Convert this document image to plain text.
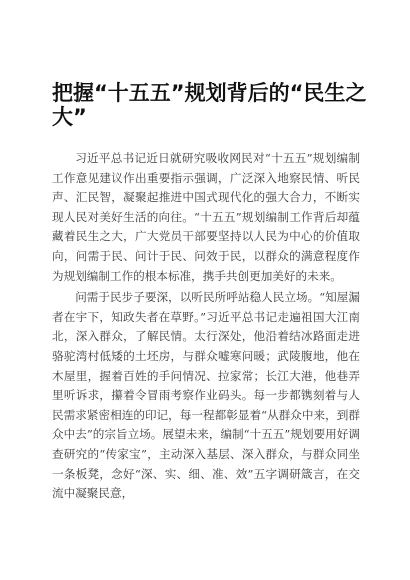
把握“十五五”规划背后的“民生之大”

习近平总书记近日就研究吸收网民对“十五五”规划编制工作意见建议作出重要指示强调，广泛深入地察民情、听民声、汇民智，凝聚起推进中国式现代化的强大合力，不断实现人民对美好生活的向往。“十五五”规划编制工作背后却蕴藏着民生之大，广大党员干部要坚持以人民为中心的价值取向，问需于民、问计于民、问效于民，以群众的满意程度作为规划编制工作的根本标准，携手共创更加美好的未来。

问需于民步子要深，以听民所呼站稳人民立场。“知屋漏者在宇下，知政失者在草野。”习近平总书记走遍祖国大江南北，深入群众，了解民情。太行深处，他沿着结冰路面走进骆驼湾村低矮的土坯房，与群众嘘寒问暖；武陵腹地，他在木屋里，握着百姓的手问情况、拉家常；长江大港，他巷弄里听诉求，攥着令冒雨考察作业码头。每一步都镌刻着与人民需求紧密相连的印记，每一程都彰显着“从群众中来，到群众中去”的宗旨立场。展望未来，编制“十五五”规划要用好调查研究的“传家宝”，主动深入基层、深入群众，与群众同坐一条板凳，念好“深、实、细、准、效”五字调研箴言，在交流中凝聚民意，
